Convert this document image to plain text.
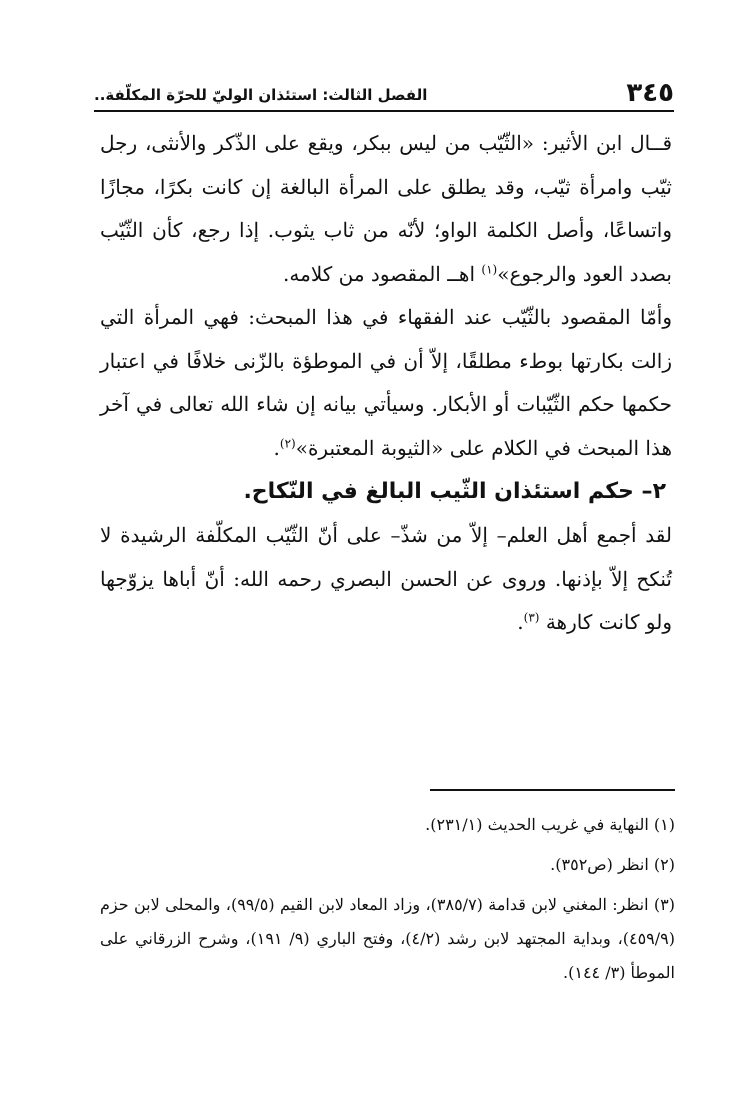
٣٤٥
الفصل الثالث: استئذان الوليّ للحرّة المكلّفة..

قــال ابن الأثير: «الثّيّب من ليس ببكر، ويقع على الذّكر والأنثى، رجل ثيّب وامرأة ثيّب، وقد يطلق على المرأة البالغة إن كانت بكرًا، مجازًا واتساعًا، وأصل الكلمة الواو؛ لأنّه من ثاب يثوب. إذا رجع، كأن الثّيّب بصدد العود والرجوع»$^{(١)}$ اهــ المقصود من كلامه.

وأمّا المقصود بالثّيّب عند الفقهاء في هذا المبحث: فهي المرأة التي زالت بكارتها بوطء مطلقًا، إلاّ أن في الموطؤة بالزّنى خلافًا في اعتبار حكمها حكم الثّيّبات أو الأبكار. وسيأتي بيانه إن شاء الله تعالى في آخر هذا المبحث في الكلام على «الثيوبة المعتبرة»$^{(٢)}$.

٢– حكم استئذان الثّيب البالغ في النّكاح.

لقد أجمع أهل العلم– إلاّ من شذّ– على أنّ الثّيّب المكلّفة الرشيدة لا تُنكح إلاّ بإذنها. وروى عن الحسن البصري رحمه الله: أنّ أباها يزوّجها ولو كانت كارهة $^{(٣)}$.

(١) النهاية في غريب الحديث (٢٣١/١).

(٢) انظر (ص٣٥٢).

(٣) انظر: المغني لابن قدامة (٣٨٥/٧)، وزاد المعاد لابن القيم (٩٩/٥)، والمحلى لابن حزم (٤٥٩/٩)، وبداية المجتهد لابن رشد (٤/٢)، وفتح الباري (٩/ ١٩١)، وشرح الزرقاني على الموطأ (٣/ ١٤٤).
